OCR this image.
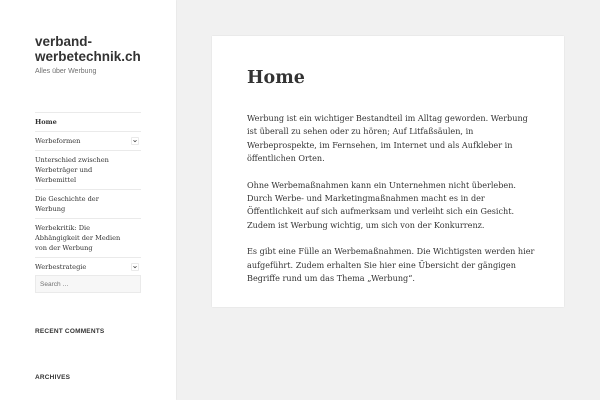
verband-werbetechnik.ch
Alles über Werbung
Home
Werbeformen
Unterschied zwischen Werbeträger und Werbemittel
Die Geschichte der Werbung
Werbekritik: Die Abhängigkeit der Medien von der Werbung
Werbestrategie
Search …
RECENT COMMENTS
ARCHIVES
Home

Werbung ist ein wichtiger Bestandteil im Alltag geworden. Werbung ist überall zu sehen oder zu hören; Auf Litfaßsäulen, in Werbeprospekte, im Fernsehen, im Internet und als Aufkleber in öffentlichen Orten.

Ohne Werbemaßnahmen kann ein Unternehmen nicht überleben. Durch Werbe- und Marketingmaßnahmen macht es in der Öffentlichkeit auf sich aufmerksam und verleiht sich ein Gesicht. Zudem ist Werbung wichtig, um sich von der Konkurrenz.

Es gibt eine Fülle an Werbemaßnahmen. Die Wichtigsten werden hier aufgeführt. Zudem erhalten Sie hier eine Übersicht der gängigen Begriffe rund um das Thema „Werbung“.
